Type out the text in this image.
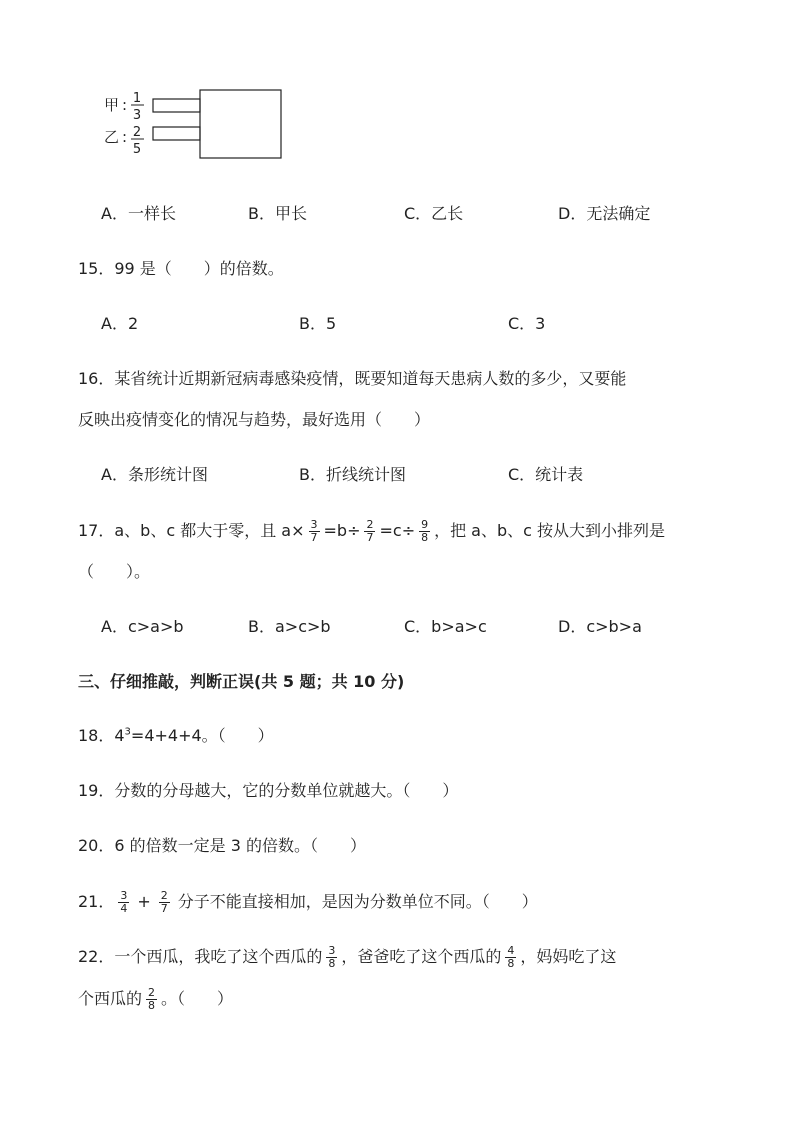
甲 : 1
3
乙 : 2
5
A．一样长	B．甲长	C．乙长	D．无法确定
15．99 是（　　）的倍数。
A．2	B．5	C．3
16．某省统计近期新冠病毒感染疫情，既要知道每天患病人数的多少，又要能
反映出疫情变化的情况与趋势，最好选用（　　）
A．条形统计图	B．折线统计图	C．统计表
17．a、b、c 都大于零，且 $a\times \frac{3}{7} =b\div \frac{2}{7} =c\div \frac{9}{8}$ ，把 a、b、c 按从大到小排列是
（　　）。
A．c>a>b	B．a>c>b	C．b>a>c	D．c>b>a
三、仔细推敲，判断正误(共 5 题；共 10 分)
18．$4^3=4+4+4$。（　　）
19．分数的分母越大，它的分数单位就越大。（　　）
20．6 的倍数一定是 3 的倍数。（　　）
21． $\frac{3}{4} + \frac{2}{7}$ 分子不能直接相加，是因为分数单位不同。（　　）
22．一个西瓜，我吃了这个西瓜的 $\frac{3}{8}$ ，爸爸吃了这个西瓜的 $\frac{4}{8}$ ，妈妈吃了这
个西瓜的 $\frac{2}{8}$ 。（　　）
